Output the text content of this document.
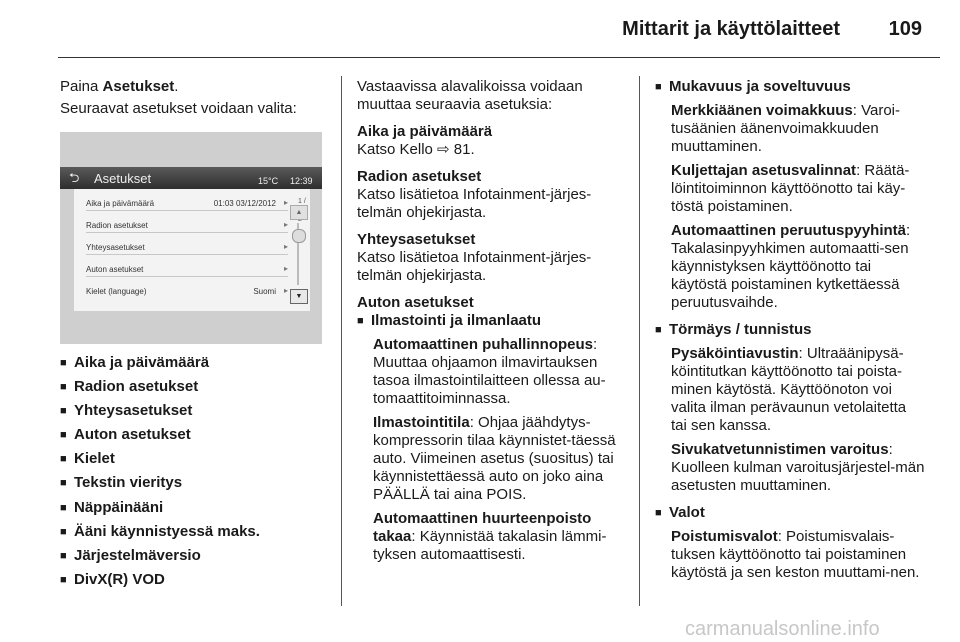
Mittarit ja käyttölaitteet 109

Paina Asetukset.

Seuraavat asetukset voidaan valita:

⮌ Asetukset	15°C 12:39
Aika ja päivämäärä	01:03 03/12/2012 ▸
Radion asetukset	▸
Yhteysasetukset	▸
Auton asetukset	▸
Kielet (language)	Suomi ▸
1 /
▲
▼
■ Aika ja päivämäärä
■ Radion asetukset
■ Yhteysasetukset
■ Auton asetukset
■ Kielet
■ Tekstin vieritys
■ Näppäinääni
■ Ääni käynnistyessä maks.
■ Järjestelmäversio
■ DivX(R) VOD

Vastaavissa alavalikoissa voidaan muuttaa seuraavia asetuksia:

Aika ja päivämäärä

Katso Kello ⇨ 81.

Radion asetukset

Katso lisätietoa Infotainment-järjes-telmän ohjekirjasta.

Yhteysasetukset

Katso lisätietoa Infotainment-järjes-telmän ohjekirjasta.

Auton asetukset

■ Ilmastointi ja ilmanlaatu

Automaattinen puhallinnopeus: Muuttaa ohjaamon ilmavirtauksen tasoa ilmastointilaitteen ollessa au-tomaattitoiminnassa.

Ilmastointitila: Ohjaa jäähdytys-kompressorin tilaa käynnistet-täessä auto. Viimeinen asetus (suositus) tai käynnistettäessä auto on joko aina PÄÄLLÄ tai aina POIS.

Automaattinen huurteenpoisto takaa: Käynnistää takalasin lämmi-tyksen automaattisesti.

■ Mukavuus ja soveltuvuus

Merkkiäänen voimakkuus: Varoi-tusäänien äänenvoimakkuuden muuttaminen.

Kuljettajan asetusvalinnat: Räätä-löintitoiminnon käyttöönotto tai käy-töstä poistaminen.

Automaattinen peruutuspyyhintä: Takalasinpyyhkimen automaatti-sen käynnistyksen käyttöönotto tai käytöstä poistaminen kytkettäessä peruutusvaihde.

■ Törmäys / tunnistus

Pysäköintiavustin: Ultraäänipysä-köintitutkan käyttöönotto tai poista-minen käytöstä. Käyttöönoton voi valita ilman perävaunun vetolaitetta tai sen kanssa.

Sivukatvetunnistimen varoitus: Kuolleen kulman varoitusjärjestel-män asetusten muuttaminen.

■ Valot

Poistumisvalot: Poistumisvalais-tuksen käyttöönotto tai poistaminen käytöstä ja sen keston muuttami-nen.

carmanualsonline.info
